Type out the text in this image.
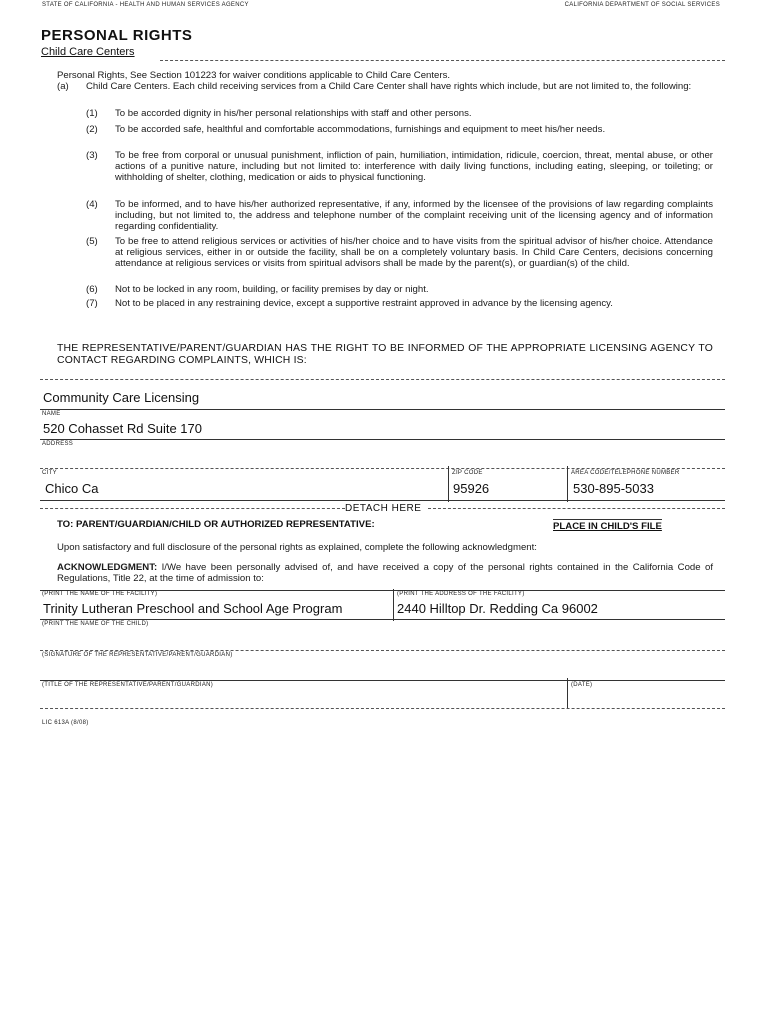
STATE OF CALIFORNIA - HEALTH AND HUMAN SERVICES AGENCY	CALIFORNIA DEPARTMENT OF SOCIAL SERVICES
PERSONAL RIGHTS
Child Care Centers
Personal Rights, See Section 101223 for waiver conditions applicable to Child Care Centers.
(a) Child Care Centers. Each child receiving services from a Child Care Center shall have rights which include, but are not limited to, the following:
(1) To be accorded dignity in his/her personal relationships with staff and other persons.
(2) To be accorded safe, healthful and comfortable accommodations, furnishings and equipment to meet his/her needs.
(3) To be free from corporal or unusual punishment, infliction of pain, humiliation, intimidation, ridicule, coercion, threat, mental abuse, or other actions of a punitive nature, including but not limited to: interference with daily living functions, including eating, sleeping, or toileting; or withholding of shelter, clothing, medication or aids to physical functioning.
(4) To be informed, and to have his/her authorized representative, if any, informed by the licensee of the provisions of law regarding complaints including, but not limited to, the address and telephone number of the complaint receiving unit of the licensing agency and of information regarding confidentiality.
(5) To be free to attend religious services or activities of his/her choice and to have visits from the spiritual advisor of his/her choice. Attendance at religious services, either in or outside the facility, shall be on a completely voluntary basis. In Child Care Centers, decisions concerning attendance at religious services or visits from spiritual advisors shall be made by the parent(s), or guardian(s) of the child.
(6) Not to be locked in any room, building, or facility premises by day or night.
(7) Not to be placed in any restraining device, except a supportive restraint approved in advance by the licensing agency.
THE REPRESENTATIVE/PARENT/GUARDIAN HAS THE RIGHT TO BE INFORMED OF THE APPROPRIATE LICENSING AGENCY TO CONTACT REGARDING COMPLAINTS, WHICH IS:
Community Care Licensing
NAME
520 Cohasset Rd Suite 170
ADDRESS
CITY	ZIP CODE	AREA CODE/TELEPHONE NUMBER
Chico Ca	95926	530-895-5033
DETACH HERE
TO: PARENT/GUARDIAN/CHILD OR AUTHORIZED REPRESENTATIVE:	PLACE IN CHILD'S FILE
Upon satisfactory and full disclosure of the personal rights as explained, complete the following acknowledgment:
ACKNOWLEDGMENT: I/We have been personally advised of, and have received a copy of the personal rights contained in the California Code of Regulations, Title 22, at the time of admission to:
(PRINT THE NAME OF THE FACILITY)	(PRINT THE ADDRESS OF THE FACILITY)
Trinity Lutheran Preschool and School Age Program	2440 Hilltop Dr. Redding Ca 96002
(PRINT THE NAME OF THE CHILD)
(SIGNATURE OF THE REPRESENTATIVE/PARENT/GUARDIAN)
(TITLE OF THE REPRESENTATIVE/PARENT/GUARDIAN)	(DATE)
LIC 613A (8/08)
